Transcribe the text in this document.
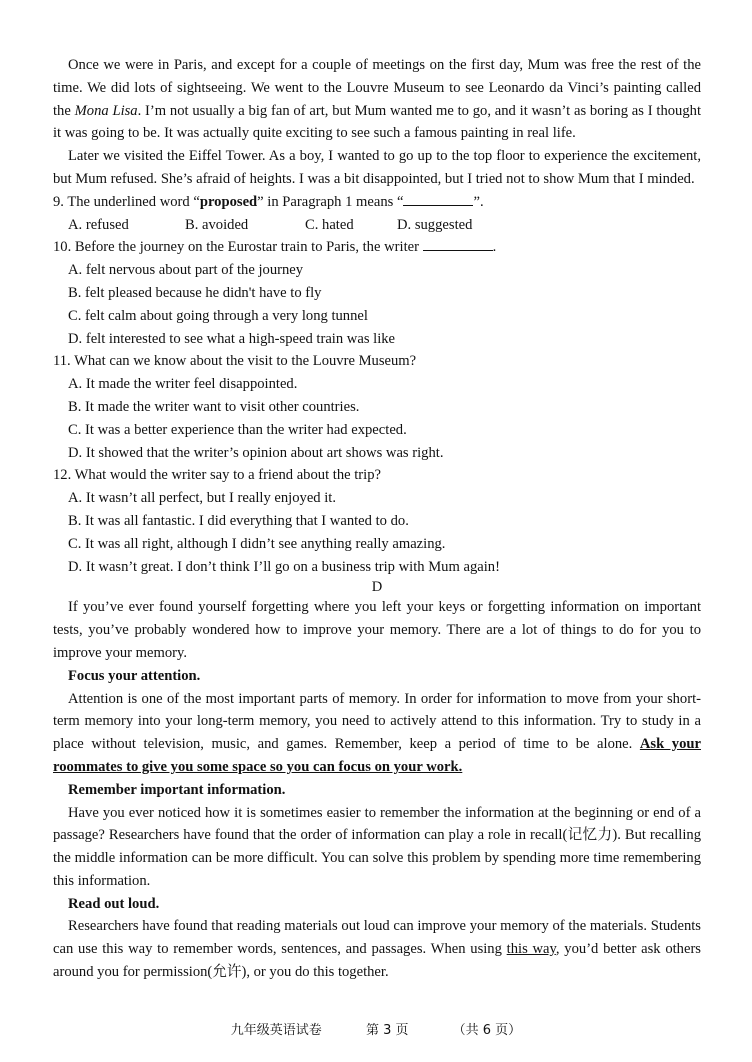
Once we were in Paris, and except for a couple of meetings on the first day, Mum was free the rest of the time. We did lots of sightseeing. We went to the Louvre Museum to see Leonardo da Vinci’s painting called the Mona Lisa. I’m not usually a big fan of art, but Mum wanted me to go, and it wasn’t as boring as I thought it was going to be. It was actually quite exciting to see such a famous painting in real life.

Later we visited the Eiffel Tower. As a boy, I wanted to go up to the top floor to experience the excitement, but Mum refused. She’s afraid of heights. I was a bit disappointed, but I tried not to show Mum that I minded.

9. The underlined word “proposed” in Paragraph 1 means “	”.

A. refused	B. avoided	C. hated	D. suggested

10. Before the journey on the Eurostar train to Paris, the writer	.

A. felt nervous about part of the journey

B. felt pleased because he didn't have to fly

C. felt calm about going through a very long tunnel

D. felt interested to see what a high-speed train was like

11. What can we know about the visit to the Louvre Museum?

A. It made the writer feel disappointed.

B. It made the writer want to visit other countries.

C. It was a better experience than the writer had expected.

D. It showed that the writer’s opinion about art shows was right.

12. What would the writer say to a friend about the trip?

A. It wasn’t all perfect, but I really enjoyed it.

B. It was all fantastic. I did everything that I wanted to do.

C. It was all right, although I didn’t see anything really amazing.

D. It wasn’t great. I don’t think I’ll go on a business trip with Mum again!

D

If you’ve ever found yourself forgetting where you left your keys or forgetting information on important tests, you’ve probably wondered how to improve your memory. There are a lot of things to do for you to improve your memory.

Focus your attention.

Attention is one of the most important parts of memory. In order for information to move from your short-term memory into your long-term memory, you need to actively attend to this information. Try to study in a place without television, music, and games. Remember, keep a period of time to be alone. Ask your roommates to give you some space so you can focus on your work.

Remember important information.

Have you ever noticed how it is sometimes easier to remember the information at the beginning or end of a passage? Researchers have found that the order of information can play a role in recall(记忆力). But recalling the middle information can be more difficult. You can solve this problem by spending more time remembering this information.

Read out loud.

Researchers have found that reading materials out loud can improve your memory of the materials. Students can use this way to remember words, sentences, and passages. When using this way, you’d better ask others around you for permission(允许), or you do this together.

九年级英语试卷	第 3 页	（共 6 页）
